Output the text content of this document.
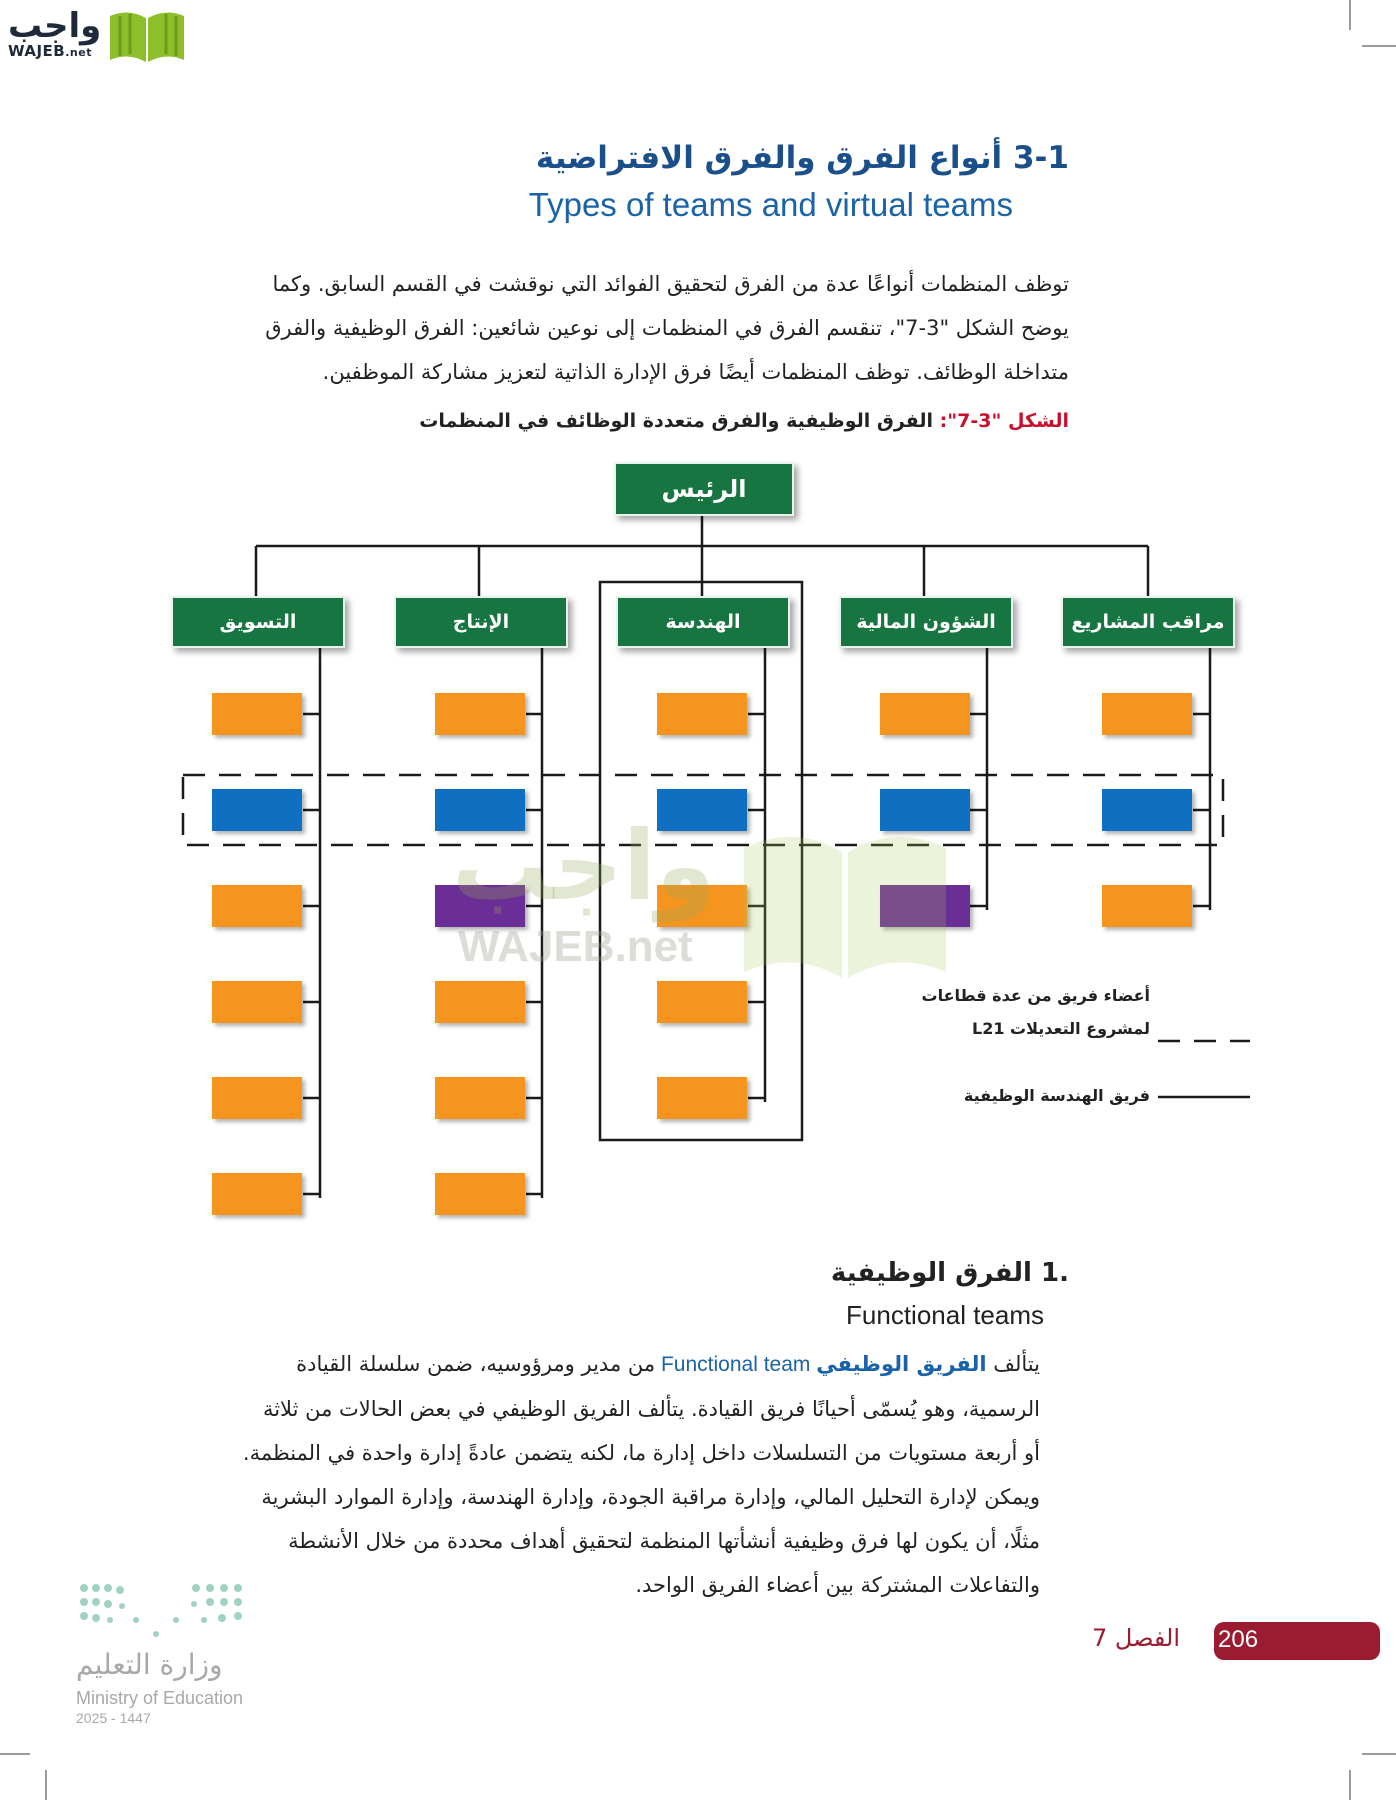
واجب
WAJEB.net
3-1 أنواع الفرق والفرق الافتراضية
Types of teams and virtual teams
توظف المنظمات أنواعًا عدة من الفرق لتحقيق الفوائد التي نوقشت في القسم السابق. وكما
يوضح الشكل "3-7"، تنقسم الفرق في المنظمات إلى نوعين شائعين: الفرق الوظيفية والفرق
متداخلة الوظائف. توظف المنظمات أيضًا فرق الإدارة الذاتية لتعزيز مشاركة الموظفين.
الشكل "3-7": الفرق الوظيفية والفرق متعددة الوظائف في المنظمات
الرئيس
التسويق	الإنتاج	الهندسة	الشؤون المالية	مراقب المشاريع
واجب
WAJEB.net
أعضاء فريق من عدة قطاعات
لمشروع التعديلات L21
فريق الهندسة الوظيفية
.1 الفرق الوظيفية
Functional teams
يتألف الفريق الوظيفي Functional team من مدير ومرؤوسيه، ضمن سلسلة القيادة
الرسمية، وهو يُسمّى أحيانًا فريق القيادة. يتألف الفريق الوظيفي في بعض الحالات من ثلاثة
أو أربعة مستويات من التسلسلات داخل إدارة ما، لكنه يتضمن عادةً إدارة واحدة في المنظمة.
ويمكن لإدارة التحليل المالي، وإدارة مراقبة الجودة، وإدارة الهندسة، وإدارة الموارد البشرية
مثلًا، أن يكون لها فرق وظيفية أنشأتها المنظمة لتحقيق أهداف محددة من خلال الأنشطة
والتفاعلات المشتركة بين أعضاء الفريق الواحد.
وزارة التعليم
Ministry of Education
2025 - 1447
الفصل 7 206
